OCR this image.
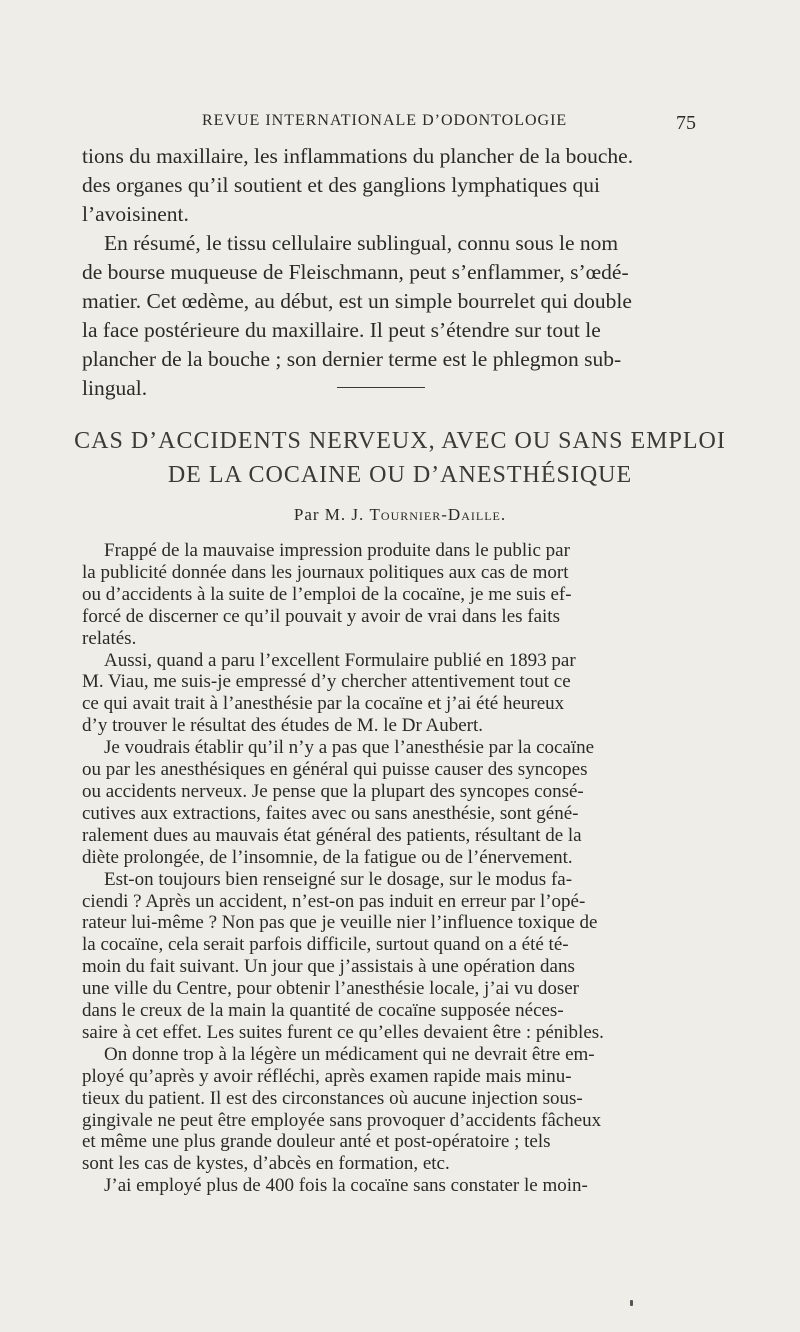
REVUE INTERNATIONALE D’ODONTOLOGIE	75

tions du maxillaire, les inflammations du plancher de la bouche.

des organes qu’il soutient et des ganglions lymphatiques qui

l’avoisinent.

En résumé, le tissu cellulaire sublingual, connu sous le nom

de bourse muqueuse de Fleischmann, peut s’enflammer, s’œdé-

matier. Cet œdème, au début, est un simple bourrelet qui double

la face postérieure du maxillaire. Il peut s’étendre sur tout le

plancher de la bouche ; son dernier terme est le phlegmon sub-

lingual.

CAS D’ACCIDENTS NERVEUX, AVEC OU SANS EMPLOI
DE LA COCAINE OU D’ANESTHÉSIQUE
Par M. J. Tournier-Daille.

Frappé de la mauvaise impression produite dans le public par

la publicité donnée dans les journaux politiques aux cas de mort

ou d’accidents à la suite de l’emploi de la cocaïne, je me suis ef-

forcé de discerner ce qu’il pouvait y avoir de vrai dans les faits

relatés.

Aussi, quand a paru l’excellent Formulaire publié en 1893 par

M. Viau, me suis-je empressé d’y chercher attentivement tout ce

ce qui avait trait à l’anesthésie par la cocaïne et j’ai été heureux

d’y trouver le résultat des études de M. le Dr Aubert.

Je voudrais établir qu’il n’y a pas que l’anesthésie par la cocaïne

ou par les anesthésiques en général qui puisse causer des syncopes

ou accidents nerveux. Je pense que la plupart des syncopes consé-

cutives aux extractions, faites avec ou sans anesthésie, sont géné-

ralement dues au mauvais état général des patients, résultant de la

diète prolongée, de l’insomnie, de la fatigue ou de l’énervement.

Est-on toujours bien renseigné sur le dosage, sur le modus fa-

ciendi ? Après un accident, n’est-on pas induit en erreur par l’opé-

rateur lui-même ? Non pas que je veuille nier l’influence toxique de

la cocaïne, cela serait parfois difficile, surtout quand on a été té-

moin du fait suivant. Un jour que j’assistais à une opération dans

une ville du Centre, pour obtenir l’anesthésie locale, j’ai vu doser

dans le creux de la main la quantité de cocaïne supposée néces-

saire à cet effet. Les suites furent ce qu’elles devaient être : pénibles.

On donne trop à la légère un médicament qui ne devrait être em-

ployé qu’après y avoir réfléchi, après examen rapide mais minu-

tieux du patient. Il est des circonstances où aucune injection sous-

gingivale ne peut être employée sans provoquer d’accidents fâcheux

et même une plus grande douleur anté et post-opératoire ; tels

sont les cas de kystes, d’abcès en formation, etc.

J’ai employé plus de 400 fois la cocaïne sans constater le moin-
